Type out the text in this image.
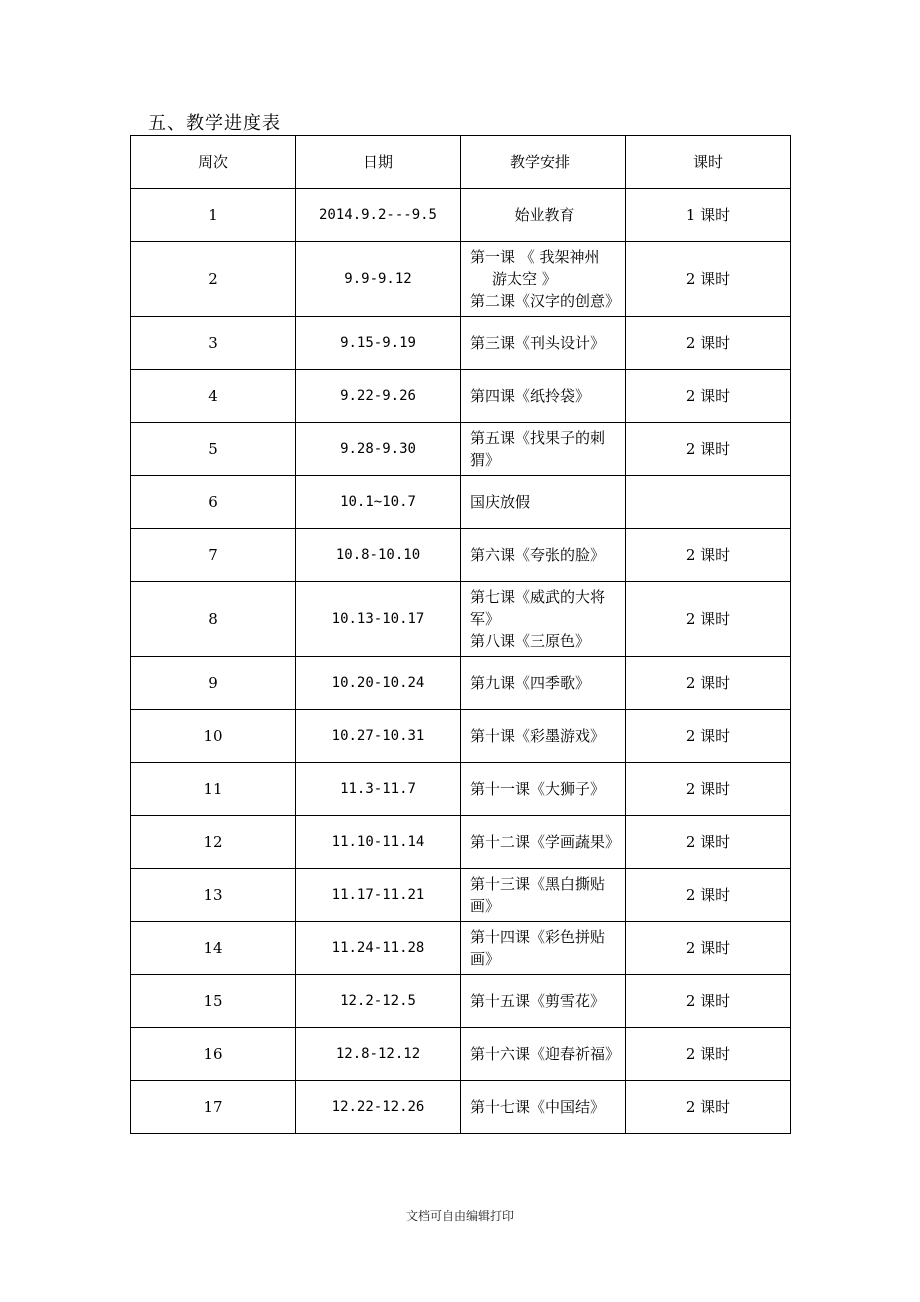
五、教学进度表
周次	日期	教学安排	课时
1	2014.9.2---9.5	始业教育	1 课时
2	9.9-9.12	第一课 《 我架神州
游太空 》
第二课《汉字的创意》	2 课时
3	9.15-9.19	第三课《刊头设计》	2 课时
4	9.22-9.26	第四课《纸拎袋》	2 课时
5	9.28-9.30	第五课《找果子的刺
猬》	2 课时
6	10.1~10.7	国庆放假	

7	10.8-10.10	第六课《夸张的脸》	2 课时
8	10.13-10.17	第七课《威武的大将
军》
第八课《三原色》	2 课时
9	10.20-10.24	第九课《四季歌》	2 课时
10	10.27-10.31	第十课《彩墨游戏》	2 课时
11	11.3-11.7	第十一课《大狮子》	2 课时
12	11.10-11.14	第十二课《学画蔬果》	2 课时
13	11.17-11.21	第十三课《黑白撕贴
画》	2 课时
14	11.24-11.28	第十四课《彩色拼贴
画》	2 课时
15	12.2-12.5	第十五课《剪雪花》	2 课时
16	12.8-12.12	第十六课《迎春祈福》	2 课时
17	12.22-12.26	第十七课《中国结》	2 课时
文档可自由编辑打印
